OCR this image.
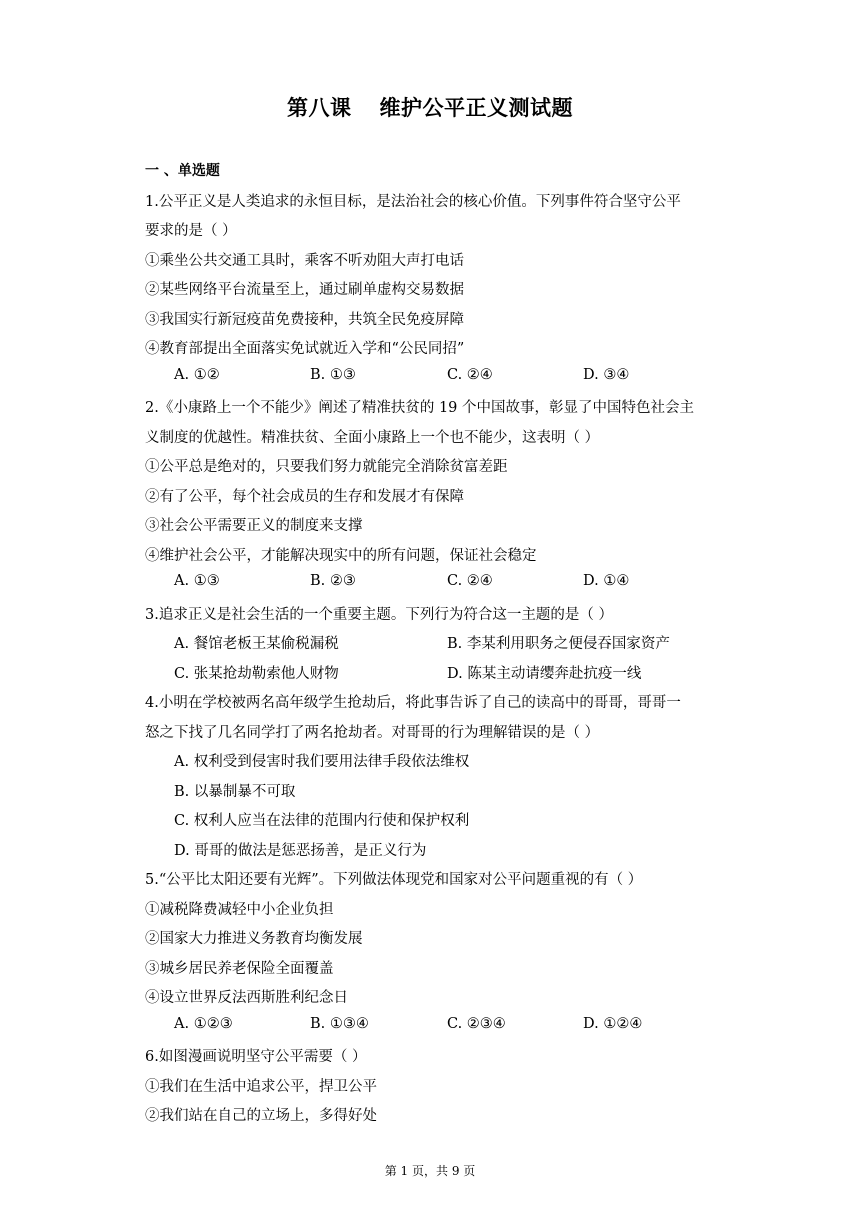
第八课 维护公平正义测试题
一 、单选题
1.公平正义是人类追求的永恒目标，是法治社会的核心价值。下列事件符合坚守公平
要求的是（ ）
①乘坐公共交通工具时，乘客不听劝阻大声打电话
②某些网络平台流量至上，通过刷单虚构交易数据
③我国实行新冠疫苗免费接种，共筑全民免疫屏障
④教育部提出全面落实免试就近入学和“公民同招”
A. ①②	B. ①③	C. ②④	D. ③④
2.《小康路上一个不能少》阐述了精准扶贫的 19 个中国故事，彰显了中国特色社会主
义制度的优越性。精准扶贫、全面小康路上一个也不能少，这表明（ ）
①公平总是绝对的，只要我们努力就能完全消除贫富差距
②有了公平，每个社会成员的生存和发展才有保障
③社会公平需要正义的制度来支撑
④维护社会公平，才能解决现实中的所有问题，保证社会稳定
A. ①③	B. ②③	C. ②④	D. ①④
3.追求正义是社会生活的一个重要主题。下列行为符合这一主题的是（ ）
A. 餐馆老板王某偷税漏税	B. 李某利用职务之便侵吞国家资产
C. 张某抢劫勒索他人财物	D. 陈某主动请缨奔赴抗疫一线
4.小明在学校被两名高年级学生抢劫后，将此事告诉了自己的读高中的哥哥，哥哥一
怒之下找了几名同学打了两名抢劫者。对哥哥的行为理解错误的是（ ）
A. 权利受到侵害时我们要用法律手段依法维权
B. 以暴制暴不可取
C. 权利人应当在法律的范围内行使和保护权利
D. 哥哥的做法是惩恶扬善，是正义行为
5.“公平比太阳还要有光辉”。下列做法体现党和国家对公平问题重视的有（ ）
①减税降费减轻中小企业负担
②国家大力推进义务教育均衡发展
③城乡居民养老保险全面覆盖
④设立世界反法西斯胜利纪念日
A. ①②③	B. ①③④	C. ②③④	D. ①②④
6.如图漫画说明坚守公平需要（ ）
①我们在生活中追求公平，捍卫公平
②我们站在自己的立场上，多得好处
第 1 页，共 9 页
